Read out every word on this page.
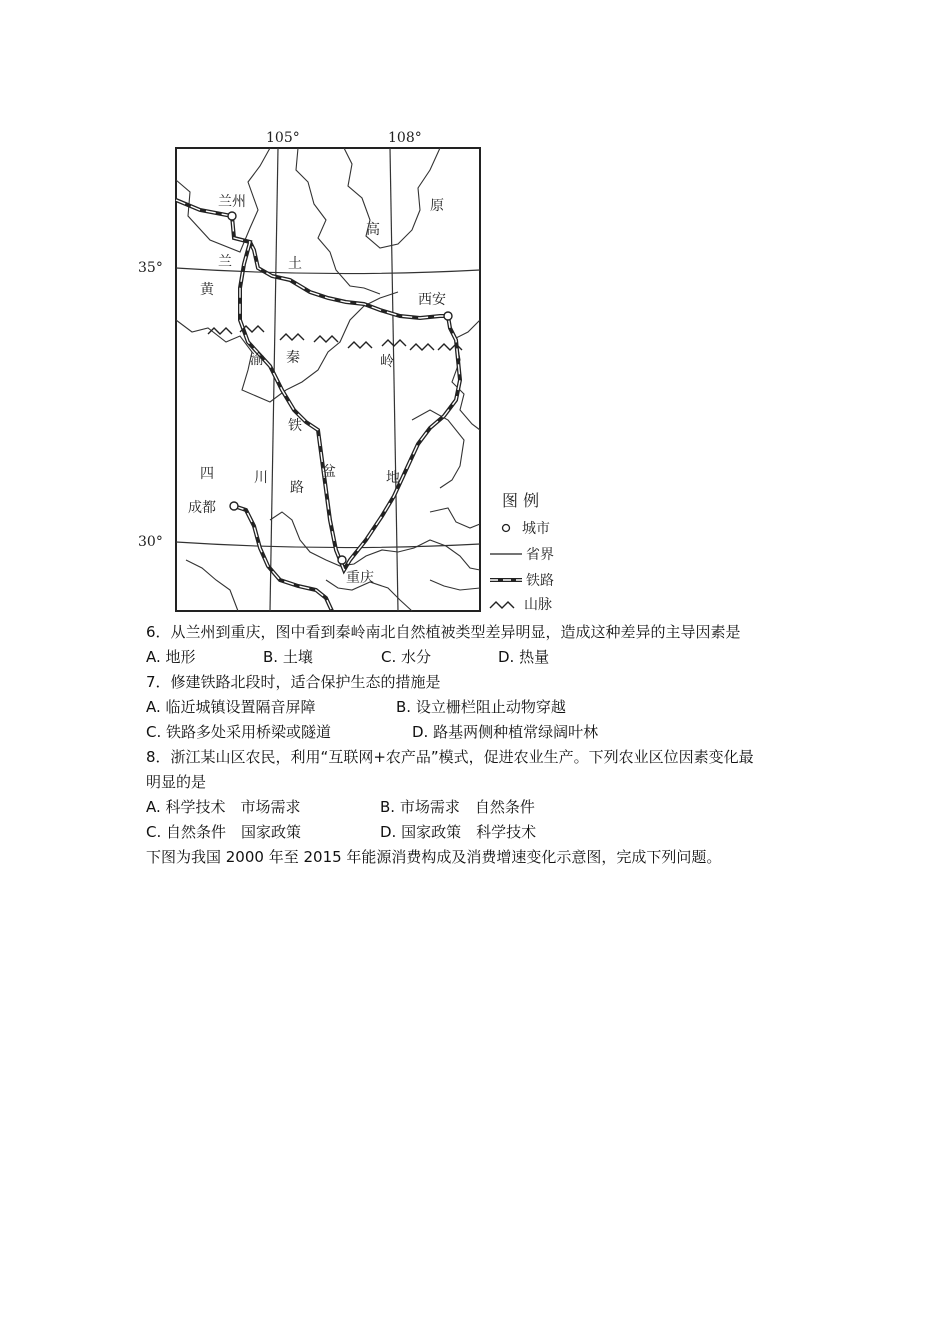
105°	108°
35°
30°
兰州
西安
成都
重庆
兰	土
高
原
黄
渝 秦	岭
铁
路
四	川	盆	地
图 例
城市
省界
铁路
山脉
6．从兰州到重庆，图中看到秦岭南北自然植被类型差异明显，造成这种差异的主导因素是
A. 地形	B. 土壤	C. 水分	D. 热量
7．修建铁路北段时，适合保护生态的措施是
A. 临近城镇设置隔音屏障	B. 设立栅栏阻止动物穿越
C. 铁路多处采用桥梁或隧道	D. 路基两侧种植常绿阔叶林
8．浙江某山区农民，利用“互联网+农产品”模式，促进农业生产。下列农业区位因素变化最
明显的是
A. 科学技术　市场需求	B. 市场需求　自然条件
C. 自然条件　国家政策	D. 国家政策　科学技术
下图为我国 2000 年至 2015 年能源消费构成及消费增速变化示意图，完成下列问题。
